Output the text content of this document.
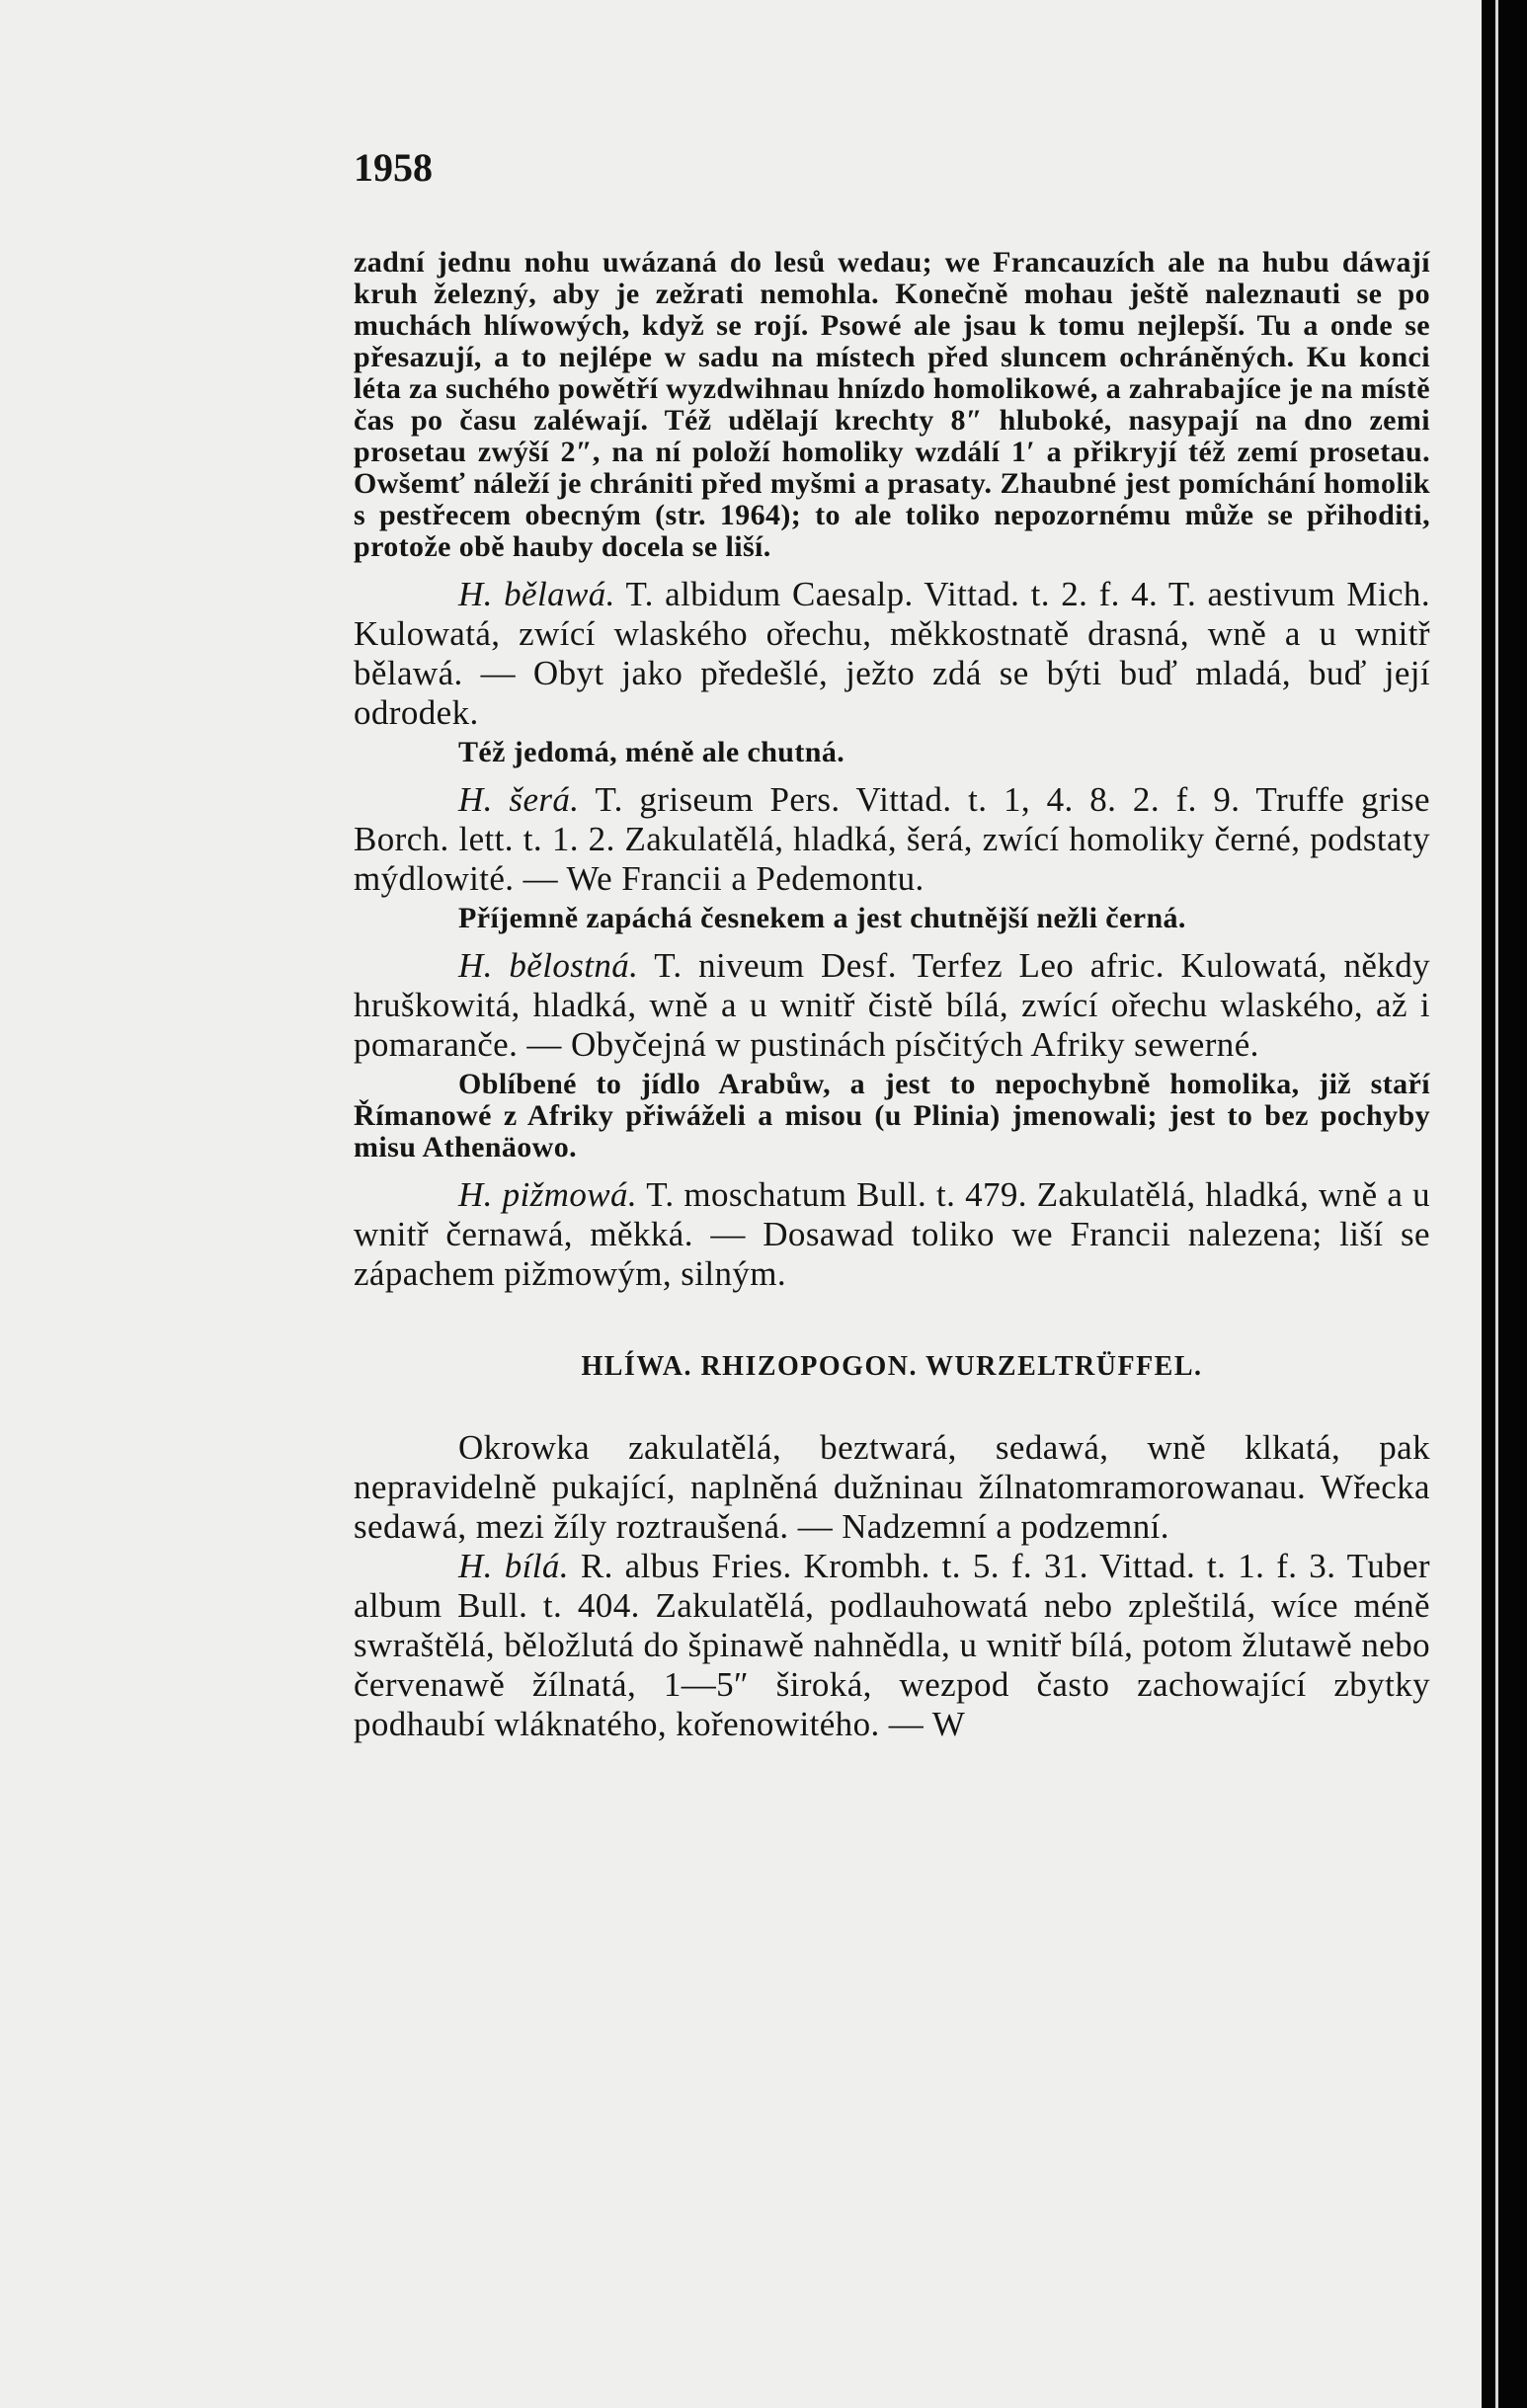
1958

zadní jednu nohu uwázaná do lesů wedau; we Francauzích ale na hubu dáwají kruh železný, aby je zežrati nemohla. Konečně mohau ještě naleznauti se po muchách hlíwowých, když se rojí. Psowé ale jsau k tomu nejlepší. Tu a onde se přesazují, a to nejlépe w sadu na místech před sluncem ochráněných. Ku konci léta za suchého powětří wyzdwihnau hnízdo homolikowé, a zahrabajíce je na místě čas po času zaléwají. Též udělají krechty 8″ hluboké, nasypají na dno zemi prosetau zwýší 2″, na ní položí homoliky wzdálí 1′ a přikryjí též zemí prosetau. Owšemť náleží je chrániti před myšmi a prasaty. Zhaubné jest pomíchání homolik s pestřecem obecným (str. 1964); to ale toliko nepozornému může se přihoditi, protože obě hauby docela se liší.

H. bělawá. T. albidum Caesalp. Vittad. t. 2. f. 4. T. aestivum Mich. Kulowatá, zwící wlaského ořechu, měkkostnatě drasná, wně a u wnitř bělawá. — Obyt jako předešlé, ježto zdá se býti buď mladá, buď její odrodek.

Též jedomá, méně ale chutná.

H. šerá. T. griseum Pers. Vittad. t. 1, 4. 8. 2. f. 9. Truffe grise Borch. lett. t. 1. 2. Zakulatělá, hladká, šerá, zwící homoliky černé, podstaty mýdlowité. — We Francii a Pedemontu.

Příjemně zapáchá česnekem a jest chutnější nežli černá.

H. bělostná. T. niveum Desf. Terfez Leo afric. Kulowatá, někdy hruškowitá, hladká, wně a u wnitř čistě bílá, zwící ořechu wlaského, až i pomaranče. — Obyčejná w pustinách písčitých Afriky sewerné.

Oblíbené to jídlo Arabůw, a jest to nepochybně homolika, již staří Římanowé z Afriky přiwáželi a misou (u Plinia) jmenowali; jest to bez pochyby misu Athenäowo.

H. pižmowá. T. moschatum Bull. t. 479. Zakulatělá, hladká, wně a u wnitř černawá, měkká. — Dosawad toliko we Francii nalezena; liší se zápachem pižmowým, silným.

HLÍWA. RHIZOPOGON. WURZELTRÜFFEL.

Okrowka zakulatělá, beztwará, sedawá, wně klkatá, pak nepravidelně pukající, naplněná dužninau žílnatomramorowanau. Wřecka sedawá, mezi žíly roztraušená. — Nadzemní a podzemní.

H. bílá. R. albus Fries. Krombh. t. 5. f. 31. Vittad. t. 1. f. 3. Tuber album Bull. t. 404. Zakulatělá, podlauhowatá nebo zpleštilá, wíce méně swraštělá, běložlutá do špinawě nahnědla, u wnitř bílá, potom žlutawě nebo červenawě žílnatá, 1—5″ široká, wezpod často zachowající zbytky podhaubí wláknatého, kořenowitého. — W
